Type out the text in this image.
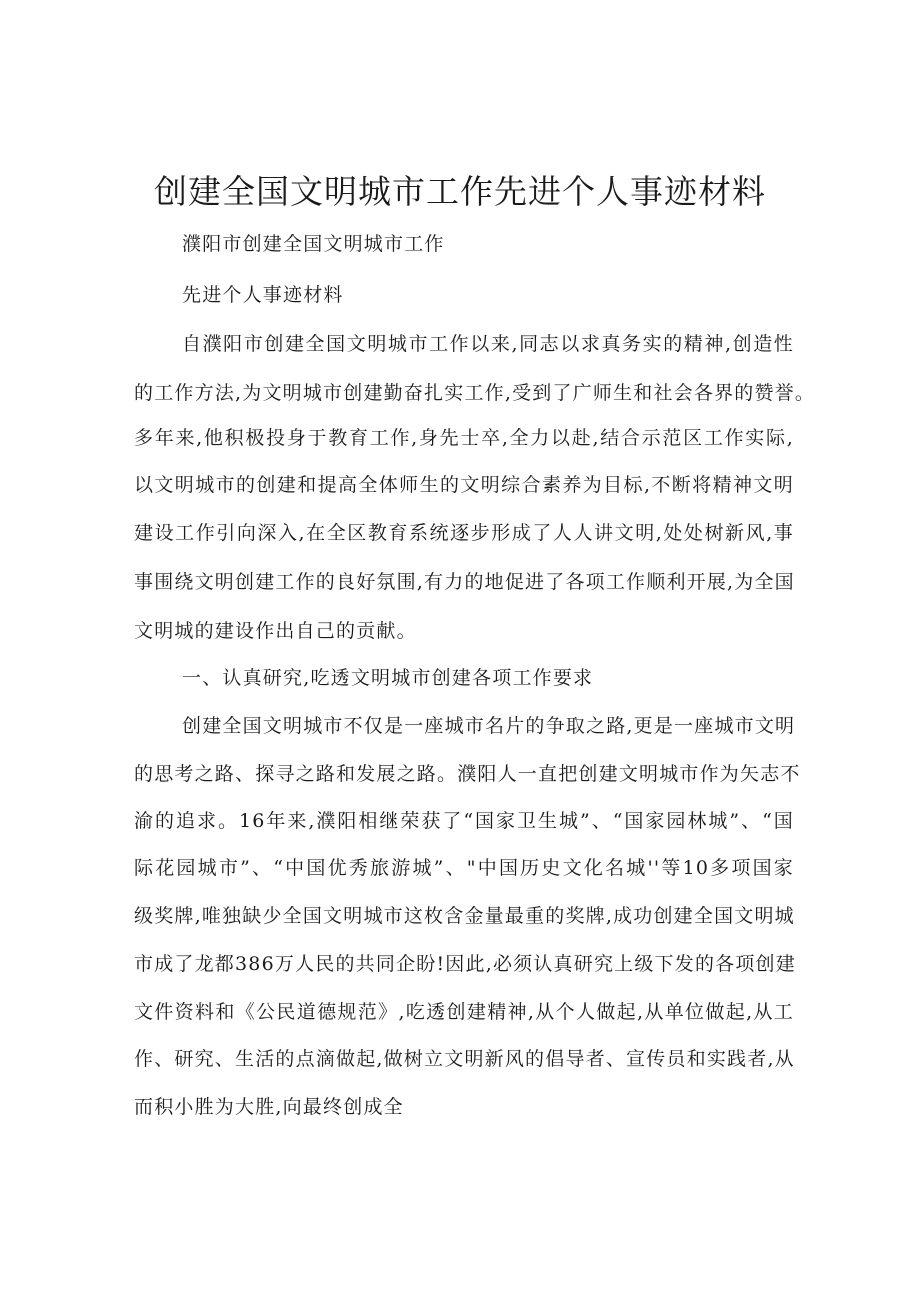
创建全国文明城市工作先进个人事迹材料

濮阳市创建全国文明城市工作

先进个人事迹材料

自濮阳市创建全国文明城市工作以来,同志以求真务实的精神,创造性

的工作方法,为文明城市创建勤奋扎实工作,受到了广师生和社会各界的赞誉。

多年来,他积极投身于教育工作,身先士卒,全力以赴,结合示范区工作实际,

以文明城市的创建和提高全体师生的文明综合素养为目标,不断将精神文明

建设工作引向深入,在全区教育系统逐步形成了人人讲文明,处处树新风,事

事围绕文明创建工作的良好氛围,有力的地促进了各项工作顺利开展,为全国

文明城的建设作出自己的贡献。

一、认真研究,吃透文明城市创建各项工作要求

创建全国文明城市不仅是一座城市名片的争取之路,更是一座城市文明

的思考之路、探寻之路和发展之路。濮阳人一直把创建文明城市作为矢志不

渝的追求。16年来,濮阳相继荣获了“国家卫生城”、“国家园林城”、“国

际花园城市”、“中国优秀旅游城”、"中国历史文化名城''等10多项国家

级奖牌,唯独缺少全国文明城市这枚含金量最重的奖牌,成功创建全国文明城

市成了龙都386万人民的共同企盼!因此,必须认真研究上级下发的各项创建

文件资料和《公民道德规范》,吃透创建精神,从个人做起,从单位做起,从工

作、研究、生活的点滴做起,做树立文明新风的倡导者、宣传员和实践者,从

而积小胜为大胜,向最终创成全
